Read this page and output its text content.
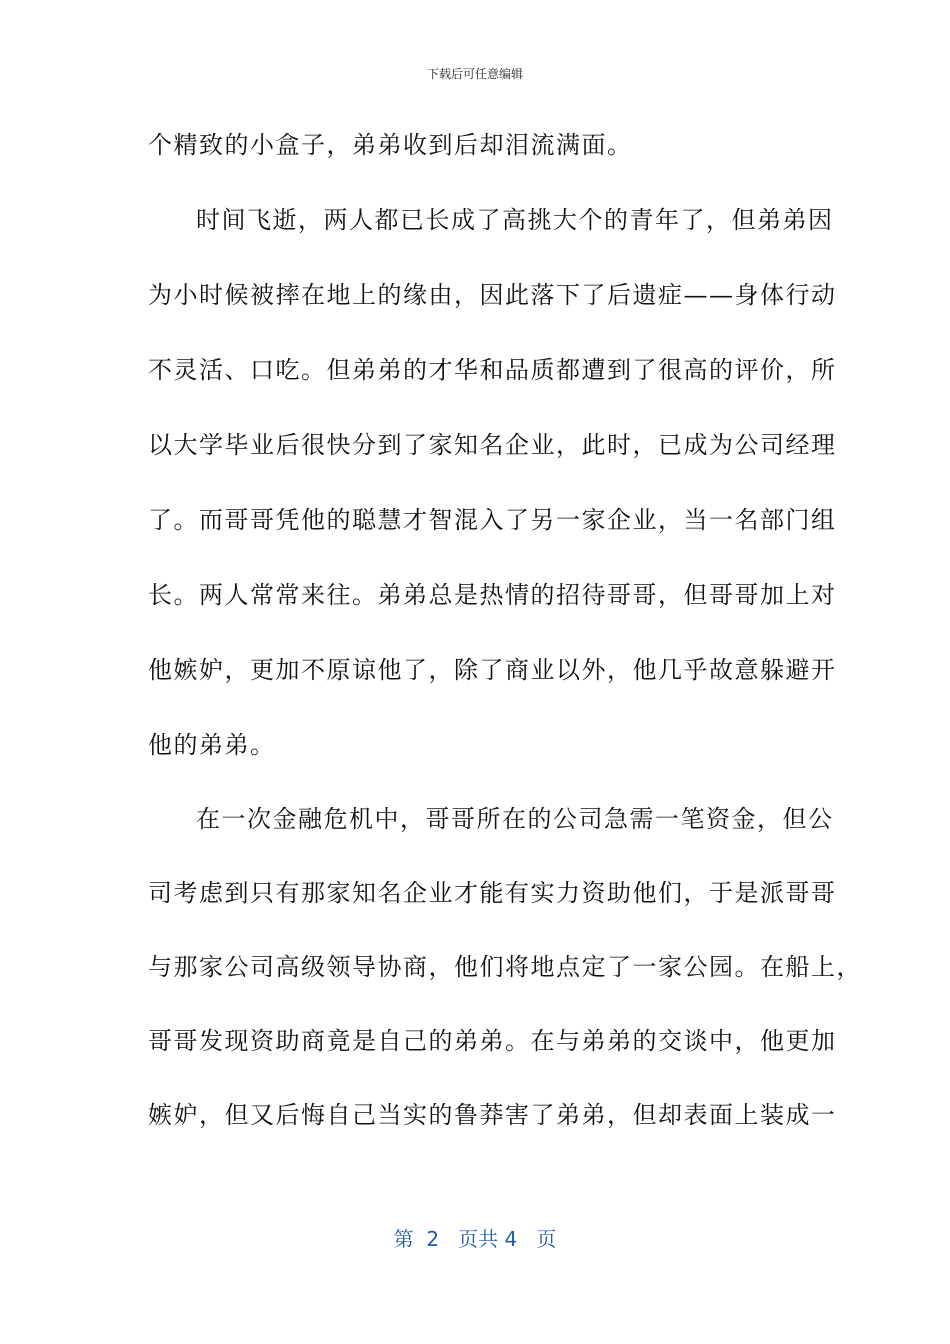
下载后可任意编辑
个精致的小盒子，弟弟收到后却泪流满面。
时间飞逝，两人都已长成了高挑大个的青年了，但弟弟因
为小时候被摔在地上的缘由，因此落下了后遗症——身体行动
不灵活、口吃。但弟弟的才华和品质都遭到了很高的评价，所
以大学毕业后很快分到了家知名企业，此时，已成为公司经理
了。而哥哥凭他的聪慧才智混入了另一家企业，当一名部门组
长。两人常常来往。弟弟总是热情的招待哥哥，但哥哥加上对
他嫉妒，更加不原谅他了，除了商业以外，他几乎故意躲避开
他的弟弟。
在一次金融危机中，哥哥所在的公司急需一笔资金，但公
司考虑到只有那家知名企业才能有实力资助他们，于是派哥哥
与那家公司高级领导协商，他们将地点定了一家公园。在船上，
哥哥发现资助商竟是自己的弟弟。在与弟弟的交谈中，他更加
嫉妒，但又后悔自己当实的鲁莽害了弟弟，但却表面上装成一
第  2   页共 4   页
